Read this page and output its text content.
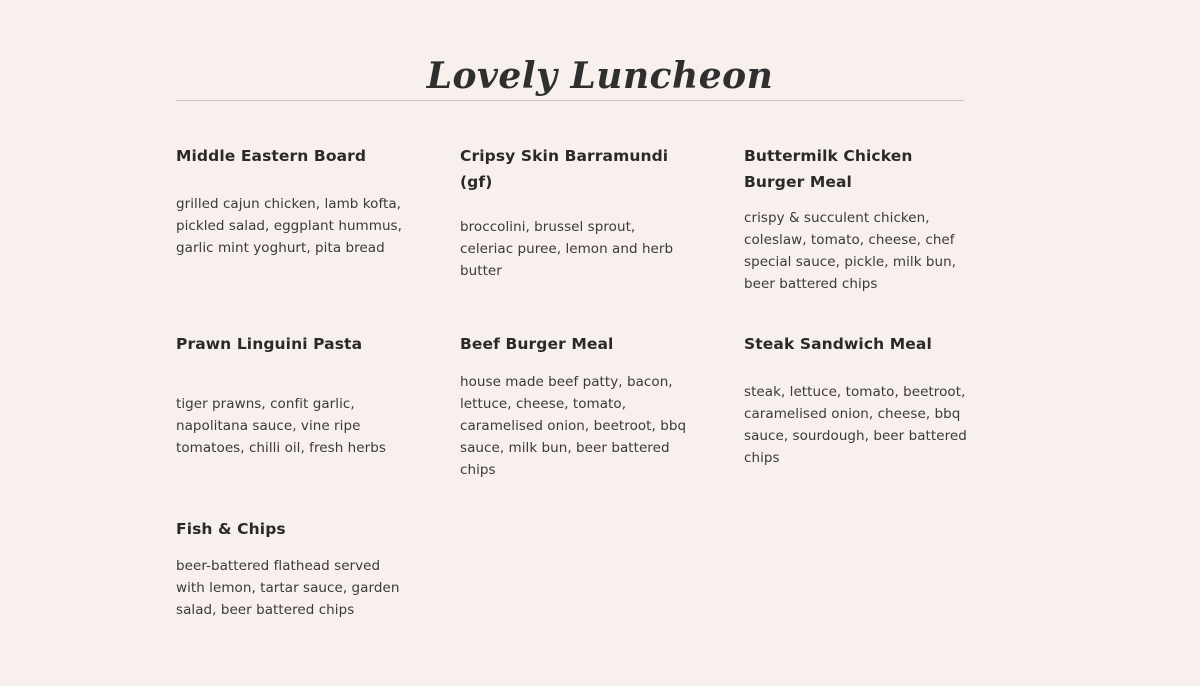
Lovely Luncheon
Middle Eastern Board

grilled cajun chicken, lamb kofta, pickled salad, eggplant hummus, garlic mint yoghurt, pita bread

Cripsy Skin Barramundi (gf)

broccolini, brussel sprout, celeriac puree, lemon and herb butter

Buttermilk Chicken Burger Meal

crispy & succulent chicken, coleslaw, tomato, cheese, chef special sauce, pickle, milk bun, beer battered chips

Prawn Linguini Pasta

tiger prawns, confit garlic, napolitana sauce, vine ripe tomatoes, chilli oil, fresh herbs

Beef Burger Meal

house made beef patty, bacon, lettuce, cheese, tomato, caramelised onion, beetroot, bbq sauce, milk bun, beer battered chips

Steak Sandwich Meal

steak, lettuce, tomato, beetroot, caramelised onion, cheese, bbq sauce, sourdough, beer battered chips

Fish & Chips

beer-battered flathead served with lemon, tartar sauce, garden salad, beer battered chips
